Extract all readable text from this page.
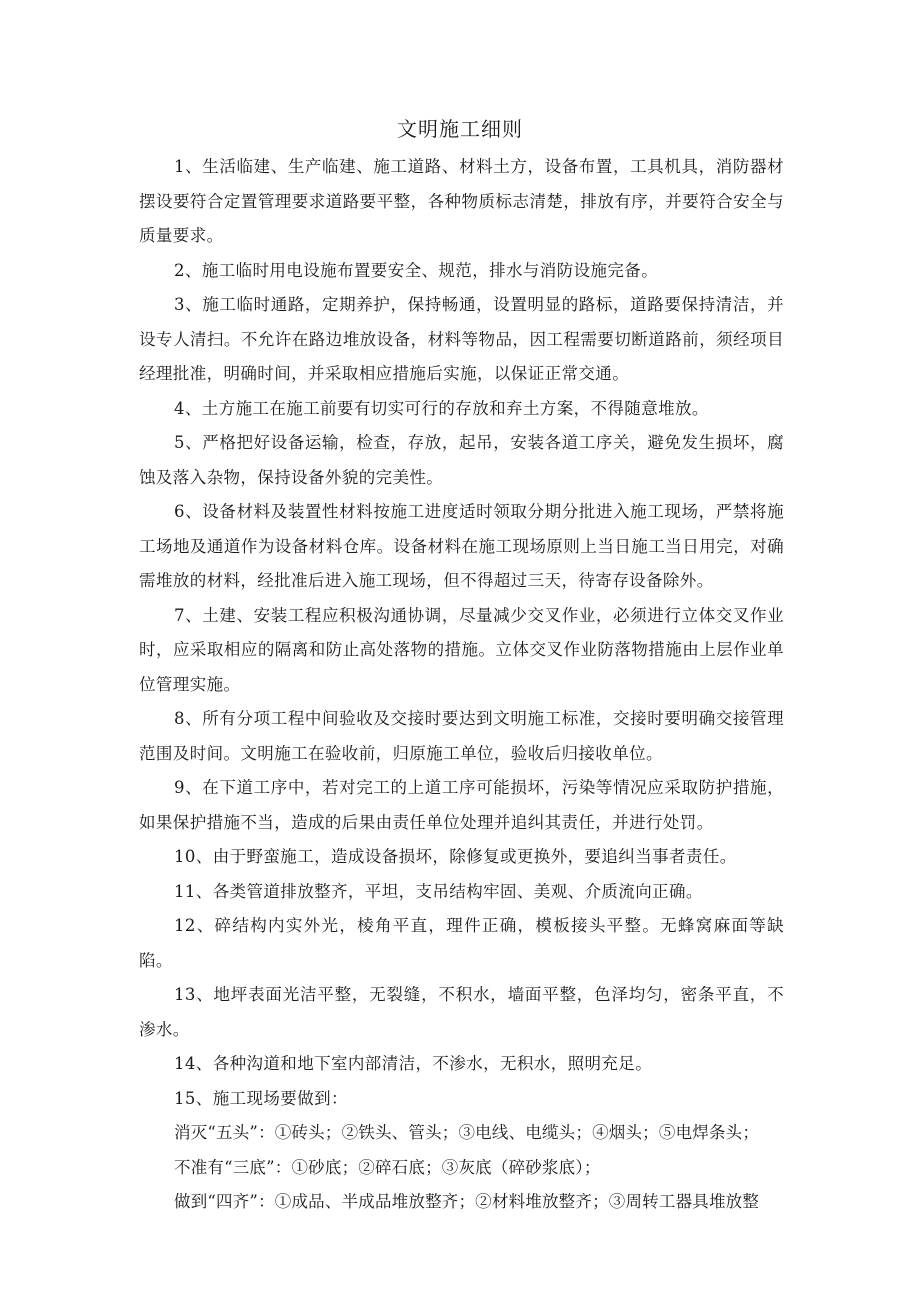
文明施工细则

1、生活临建、生产临建、施工道路、材料土方，设备布置，工具机具，消防器材摆设要符合定置管理要求道路要平整，各种物质标志清楚，排放有序，并要符合安全与质量要求。

2、施工临时用电设施布置要安全、规范，排水与消防设施完备。

3、施工临时通路，定期养护，保持畅通，设置明显的路标，道路要保持清洁，并设专人清扫。不允许在路边堆放设备，材料等物品，因工程需要切断道路前，须经项目经理批准，明确时间，并采取相应措施后实施，以保证正常交通。

4、土方施工在施工前要有切实可行的存放和弃土方案，不得随意堆放。

5、严格把好设备运输，检查，存放，起吊，安装各道工序关，避免发生损坏，腐蚀及落入杂物，保持设备外貌的完美性。

6、设备材料及装置性材料按施工进度适时领取分期分批进入施工现场，严禁将施工场地及通道作为设备材料仓库。设备材料在施工现场原则上当日施工当日用完，对确需堆放的材料，经批准后进入施工现场，但不得超过三天，待寄存设备除外。

7、土建、安装工程应积极沟通协调，尽量减少交叉作业，必须进行立体交叉作业时，应采取相应的隔离和防止高处落物的措施。立体交叉作业防落物措施由上层作业单位管理实施。

8、所有分项工程中间验收及交接时要达到文明施工标准，交接时要明确交接管理范围及时间。文明施工在验收前，归原施工单位，验收后归接收单位。

9、在下道工序中，若对完工的上道工序可能损坏，污染等情况应采取防护措施，如果保护措施不当，造成的后果由责任单位处理并追纠其责任，并进行处罚。

10、由于野蛮施工，造成设备损坏，除修复或更换外，要追纠当事者责任。

11、各类管道排放整齐，平坦，支吊结构牢固、美观、介质流向正确。

12、碎结构内实外光，棱角平直，理件正确，模板接头平整。无蜂窝麻面等缺陷。

13、地坪表面光洁平整，无裂缝，不积水，墙面平整，色泽均匀，密条平直，不渗水。

14、各种沟道和地下室内部清洁，不渗水，无积水，照明充足。

15、施工现场要做到：

消灭“五头”：①砖头；②铁头、管头；③电线、电缆头；④烟头；⑤电焊条头；

不准有“三底”：①砂底；②碎石底；③灰底（碎砂浆底）；

做到“四齐”：①成品、半成品堆放整齐；②材料堆放整齐；③周转工器具堆放整
